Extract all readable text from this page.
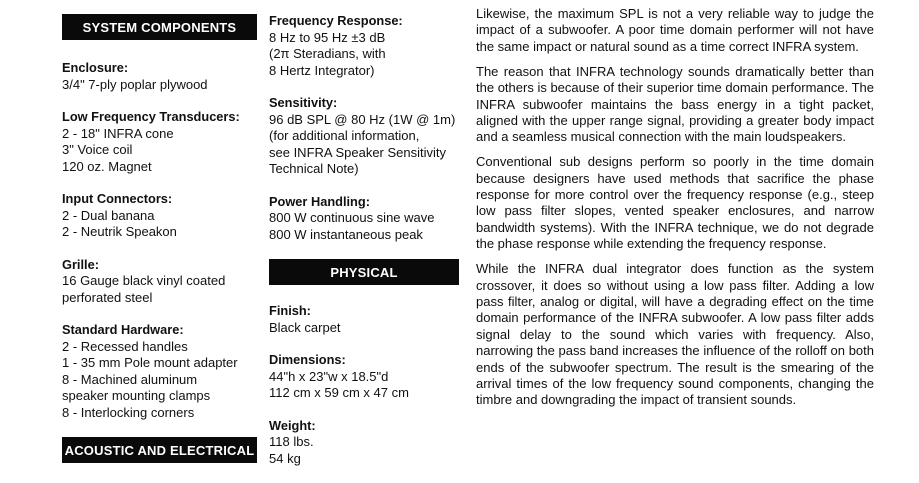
SYSTEM COMPONENTS
Enclosure:
3/4" 7-ply poplar plywood
Low Frequency Transducers:
2 - 18" INFRA cone
3" Voice coil
120 oz. Magnet
Input Connectors:
2 - Dual banana
2 - Neutrik Speakon
Grille:
16 Gauge black vinyl coated
perforated steel
Standard Hardware:
2 - Recessed handles
1 - 35 mm Pole mount adapter
8 - Machined aluminum
speaker mounting clamps
8 - Interlocking corners
ACOUSTIC AND ELECTRICAL
Frequency Response:
8 Hz to 95 Hz ±3 dB
(2π Steradians, with
8 Hertz Integrator)
Sensitivity:
96 dB SPL @ 80 Hz (1W @ 1m)
(for additional information,
see INFRA Speaker Sensitivity
Technical Note)
Power Handling:
800 W continuous sine wave
800 W instantaneous peak
PHYSICAL
Finish:
Black carpet
Dimensions:
44"h x 23"w x 18.5"d
112 cm x 59 cm x 47 cm
Weight:
118 lbs.
54 kg

Likewise, the maximum SPL is not a very reliable way to judge the impact of a subwoofer. A poor time domain performer will not have the same impact or natural sound as a time correct INFRA system.

The reason that INFRA technology sounds dramatically better than the others is because of their superior time domain performance. The INFRA subwoofer maintains the bass energy in a tight packet, aligned with the upper range signal, providing a greater body impact and a seamless musical connection with the main loudspeakers.

Conventional sub designs perform so poorly in the time domain because designers have used methods that sacrifice the phase response for more control over the frequency response (e.g., steep low pass filter slopes, vented speaker enclosures, and narrow bandwidth systems). With the INFRA technique, we do not degrade the phase response while extending the frequency response.

While the INFRA dual integrator does function as the system crossover, it does so without using a low pass filter. Adding a low pass filter, analog or digital, will have a degrading effect on the time domain performance of the INFRA subwoofer. A low pass filter adds signal delay to the sound which varies with frequency. Also, narrowing the pass band increases the influence of the rolloff on both ends of the subwoofer spectrum. The result is the smearing of the arrival times of the low frequency sound components, changing the timbre and downgrading the impact of transient sounds.
